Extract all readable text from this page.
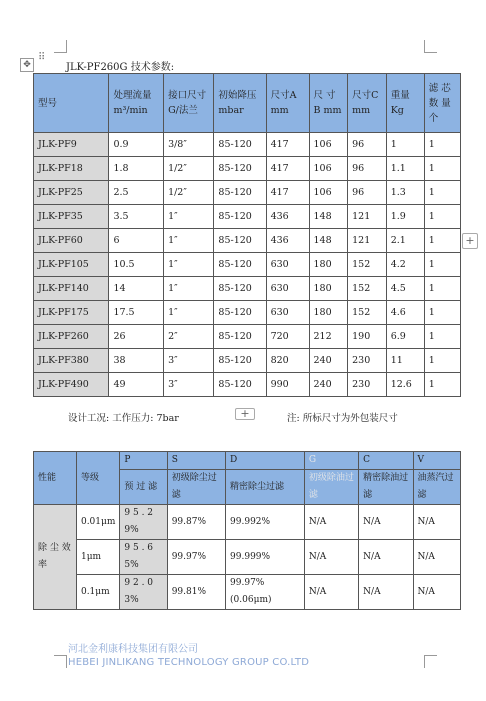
✥
⠿
JLK-PF260G 技术参数:
型号	处理流量 m³/min	接口尺寸 G/法兰	初始降压 mbar	尺寸A mm	尺 寸 B mm	尺寸C mm	重量 Kg	滤 芯 数 量 个
JLK-PF9	0.9	3/8″	85-120	417	106	96	1	1
JLK-PF18	1.8	1/2″	85-120	417	106	96	1.1	1
JLK-PF25	2.5	1/2″	85-120	417	106	96	1.3	1
JLK-PF35	3.5	1″	85-120	436	148	121	1.9	1
JLK-PF60	6	1″	85-120	436	148	121	2.1	1
JLK-PF105	10.5	1″	85-120	630	180	152	4.2	1
JLK-PF140	14	1″	85-120	630	180	152	4.5	1
JLK-PF175	17.5	1″	85-120	630	180	152	4.6	1
JLK-PF260	26	2″	85-120	720	212	190	6.9	1
JLK-PF380	38	3″	85-120	820	240	230	11	1
JLK-PF490	49	3″	85-120	990	240	230	12.6	1
+
设计工况: 工作压力: 7bar	+	注: 所标尺寸为外包装尺寸
性能	等级	P	S	D	G	C	V
		预 过 滤	初级除尘过滤	精密除尘过滤	初级除油过滤	精密除油过滤	油蒸汽过滤
除 尘 效率	0.01μm	9 5 . 2 9%	99.87%	99.992%	N/A	N/A	N/A
	1μm	9 5 . 6 5%	99.97%	99.999%	N/A	N/A	N/A
	0.1μm	9 2 . 0 3%	99.81%	99.97% (0.06μm)	N/A	N/A	N/A
河北金利康科技集团有限公司
HEBEI JINLIKANG TECHNOLOGY GROUP CO.LTD
